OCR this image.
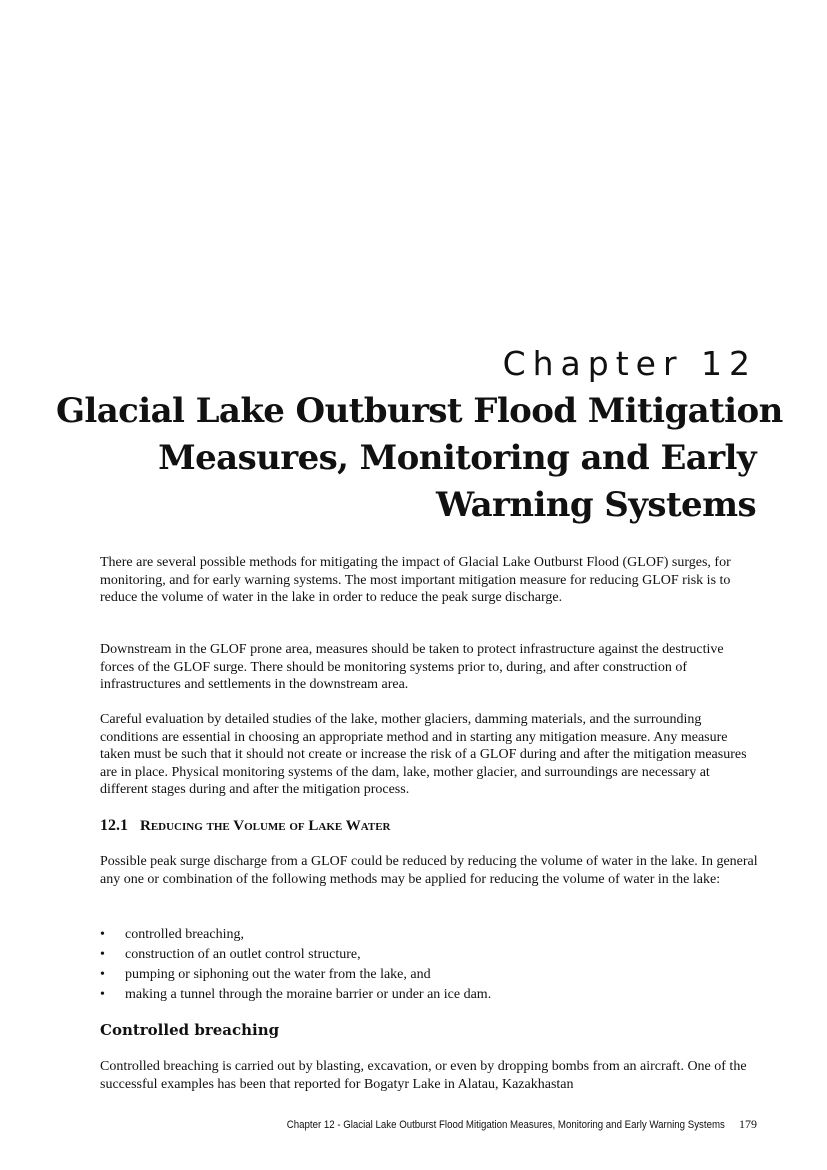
Chapter 12
Glacial Lake Outburst Flood Mitigation
Measures, Monitoring and Early
Warning Systems

There are several possible methods for mitigating the impact of Glacial Lake Outburst Flood (GLOF) surges, for monitoring, and for early warning systems. The most important mitigation measure for reducing GLOF risk is to reduce the volume of water in the lake in order to reduce the peak surge discharge.

Downstream in the GLOF prone area, measures should be taken to protect infrastructure against the destructive forces of the GLOF surge. There should be monitoring systems prior to, during, and after construction of infrastructures and settlements in the downstream area.

Careful evaluation by detailed studies of the lake, mother glaciers, damming materials, and the surrounding conditions are essential in choosing an appropriate method and in starting any mitigation measure. Any measure taken must be such that it should not create or increase the risk of a GLOF during and after the mitigation measures are in place. Physical monitoring systems of the dam, lake, mother glacier, and surroundings are necessary at different stages during and after the mitigation process.

12.1 Reducing the Volume of Lake Water

Possible peak surge discharge from a GLOF could be reduced by reducing the volume of water in the lake. In general any one or combination of the following methods may be applied for reducing the volume of water in the lake:

• controlled breaching,
• construction of an outlet control structure,
• pumping or siphoning out the water from the lake, and
• making a tunnel through the moraine barrier or under an ice dam.
Controlled breaching

Controlled breaching is carried out by blasting, excavation, or even by dropping bombs from an aircraft. One of the successful examples has been that reported for Bogatyr Lake in Alatau, Kazakhastan

Chapter 12 - Glacial Lake Outburst Flood Mitigation Measures, Monitoring and Early Warning Systems 179
